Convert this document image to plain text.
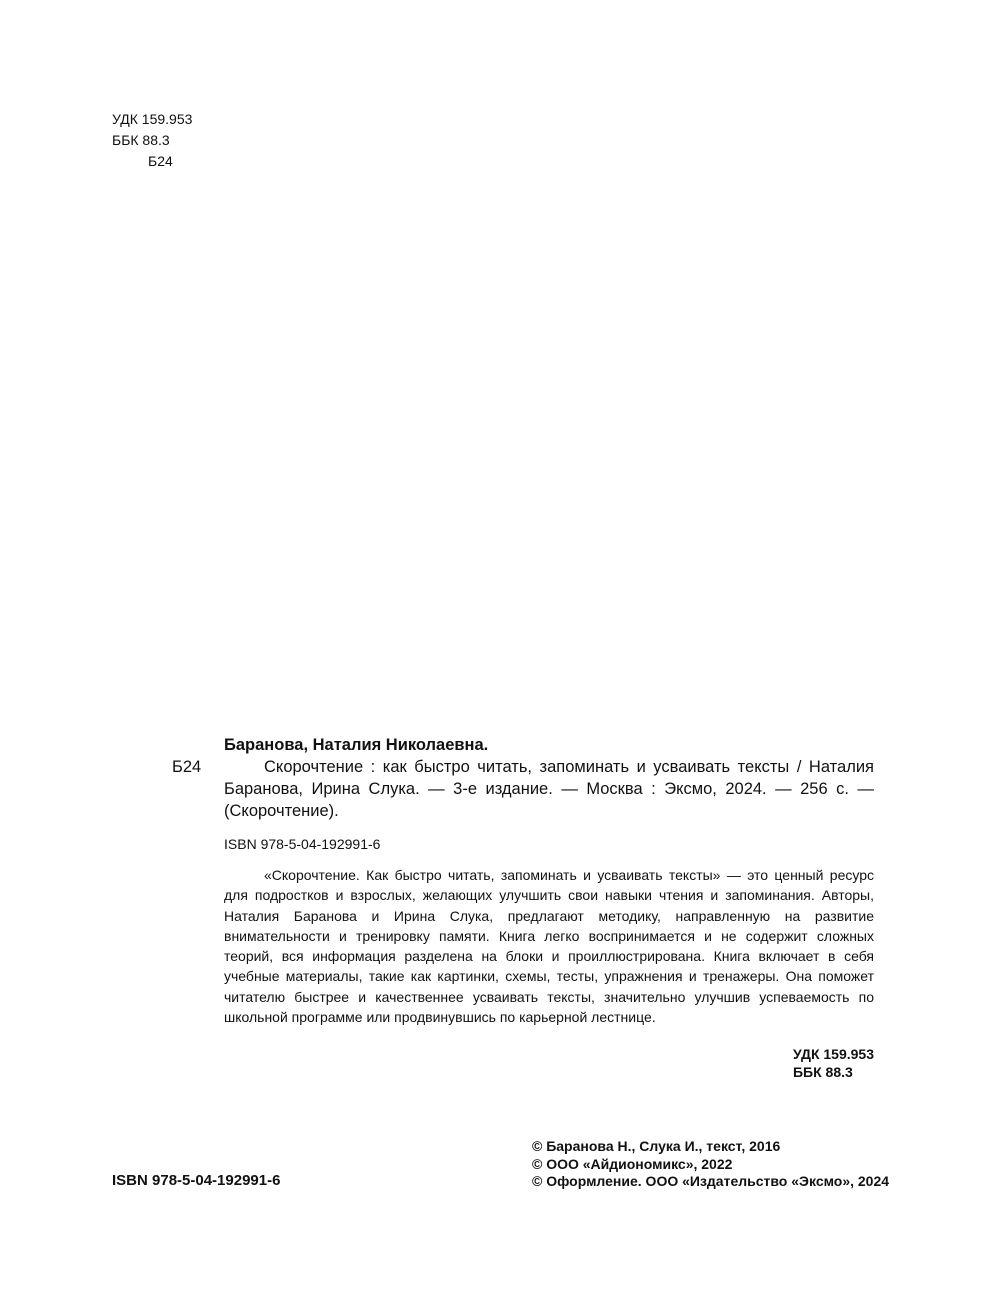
УДК 159.953
ББК 88.3
Б24
Б24

Баранова, Наталия Николаевна.

Скорочтение : как быстро читать, запоминать и усваивать тексты / Наталия Баранова, Ирина Слука. — 3-е издание. — Москва : Эксмо, 2024. — 256 с. — (Скорочтение).

ISBN 978-5-04-192991-6

«Скорочтение. Как быстро читать, запоминать и усваивать тексты» — это ценный ресурс для подростков и взрослых, желающих улучшить свои навыки чтения и запоминания. Авторы, Наталия Баранова и Ирина Слука, предлагают методику, направленную на развитие внимательности и тренировку памяти. Книга легко воспринимается и не содержит сложных теорий, вся информация разделена на блоки и проиллюстрирована. Книга включает в себя учебные материалы, такие как картинки, схемы, тесты, упражнения и тренажеры. Она поможет читателю быстрее и качественнее усваивать тексты, значительно улучшив успеваемость по школьной программе или продвинувшись по карьерной лестнице.

УДК 159.953
ББК 88.3
© Баранова Н., Слука И., текст, 2016
© ООО «Айдиономикс», 2022
© Оформление. ООО «Издательство «Эксмо», 2024
ISBN 978-5-04-192991-6
